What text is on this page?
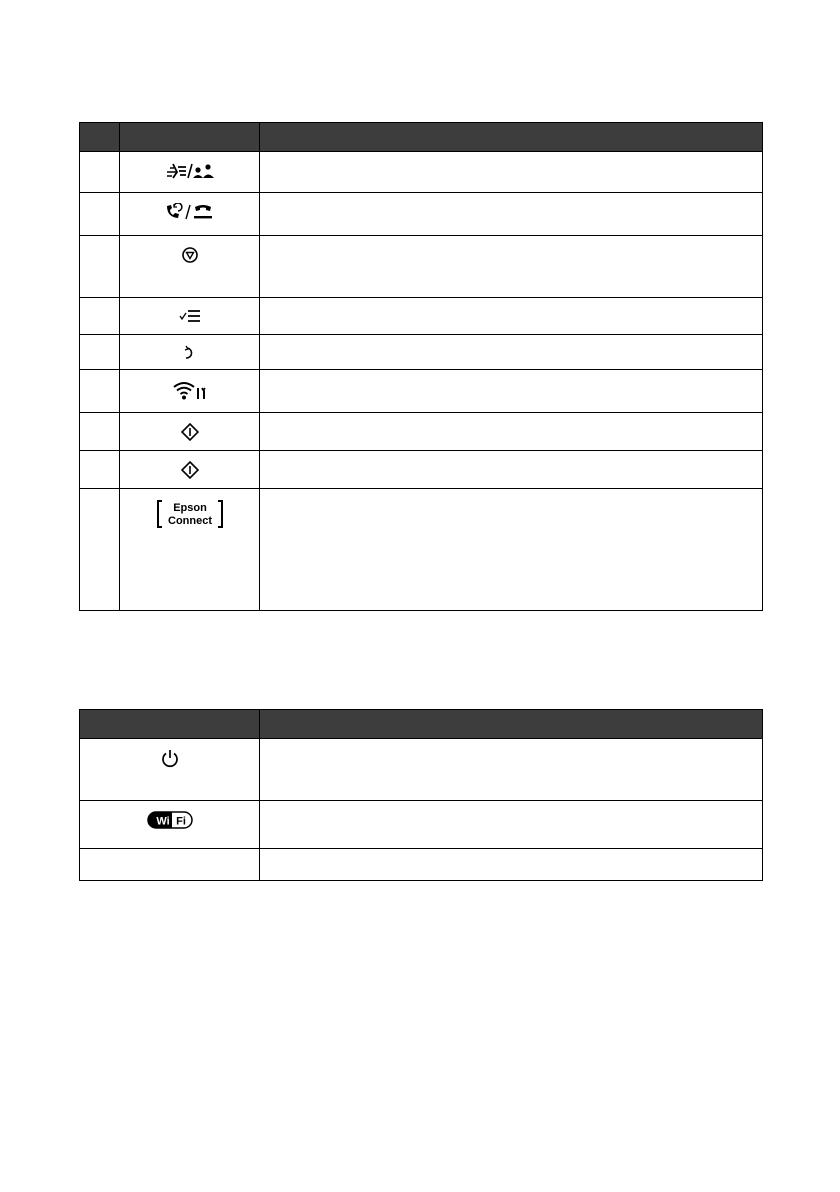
Epson
Connect	

Wi Fi	
